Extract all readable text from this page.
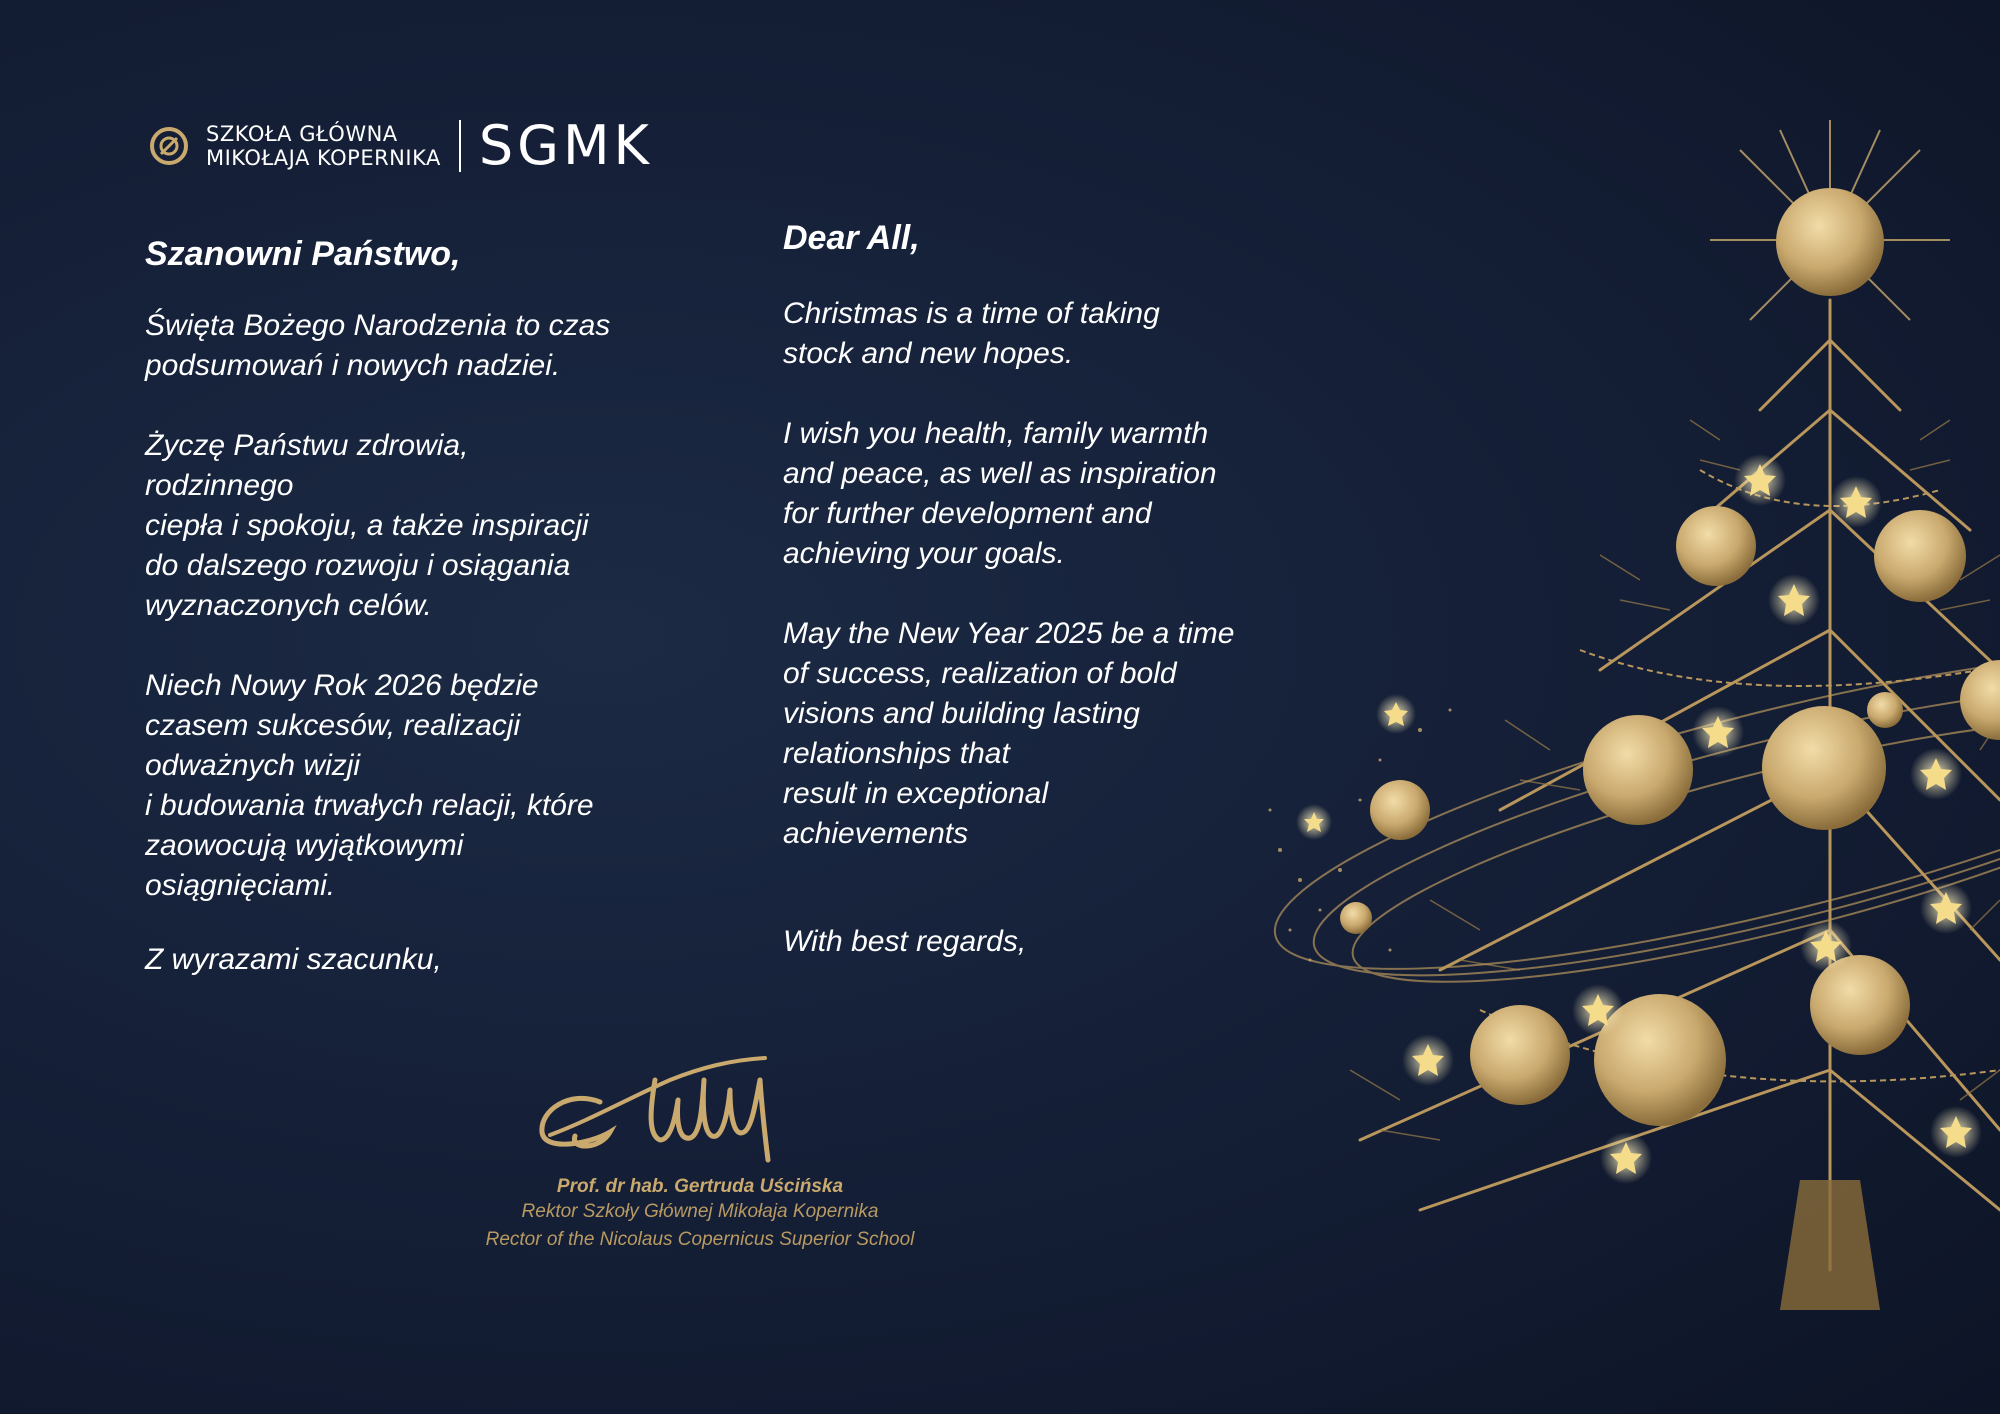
SZKOŁA GŁÓWNA
MIKOŁAJA KOPERNIKA SGMK

Szanowni Państwo,

Święta Bożego Narodzenia to czas
podsumowań i nowych nadziei.

Życzę Państwu zdrowia,
rodzinnego
ciepła i spokoju, a także inspiracji
do dalszego rozwoju i osiągania
wyznaczonych celów.

Niech Nowy Rok 2026 będzie
czasem sukcesów, realizacji
odważnych wizji
i budowania trwałych relacji, które
zaowocują wyjątkowymi
osiągnięciami.

Z wyrazami szacunku,

Dear All,

Christmas is a time of taking
stock and new hopes.

I wish you health, family warmth
and peace, as well as inspiration
for further development and
achieving your goals.

May the New Year 2025 be a time
of success, realization of bold
visions and building lasting
relationships that
result in exceptional
achievements

With best regards,

Prof. dr hab. Gertruda Uścińska
Rektor Szkoły Głównej Mikołaja Kopernika
Rector of the Nicolaus Copernicus Superior School
